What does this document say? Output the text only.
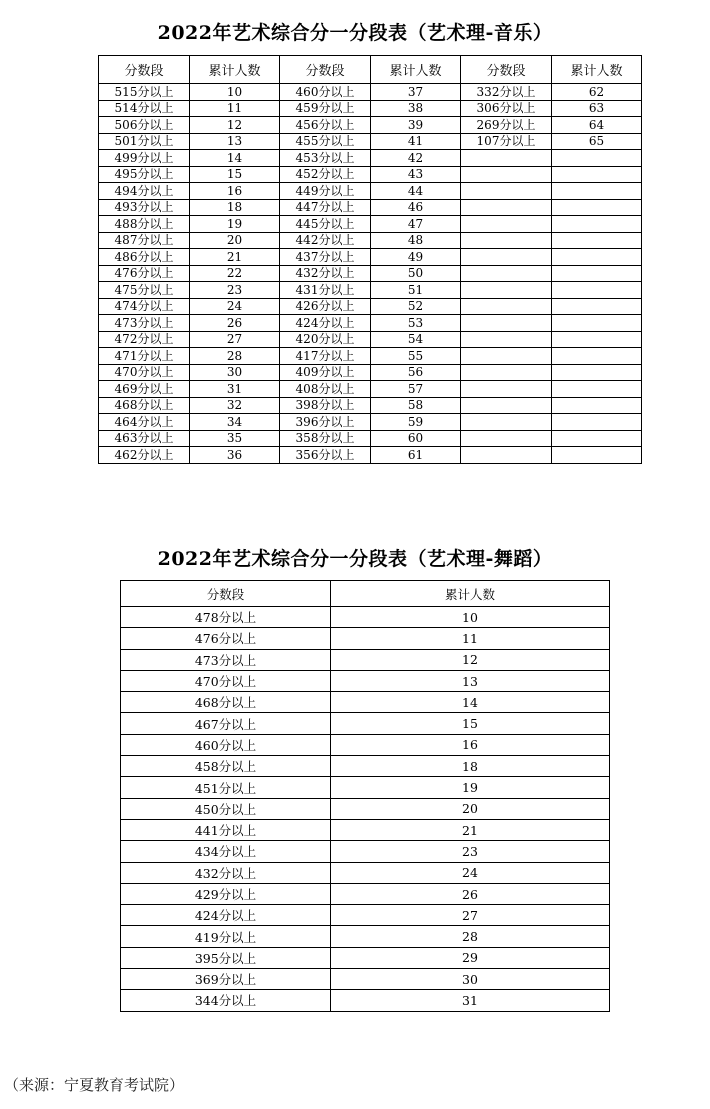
2022年艺术综合分一分段表（艺术理-音乐）
分数段	累计人数	分数段	累计人数	分数段	累计人数
515分以上	10	460分以上	37	332分以上	62
514分以上	11	459分以上	38	306分以上	63
506分以上	12	456分以上	39	269分以上	64
501分以上	13	455分以上	41	107分以上	65
499分以上	14	453分以上	42		
495分以上	15	452分以上	43		
494分以上	16	449分以上	44		
493分以上	18	447分以上	46		
488分以上	19	445分以上	47		
487分以上	20	442分以上	48		
486分以上	21	437分以上	49		
476分以上	22	432分以上	50		
475分以上	23	431分以上	51		
474分以上	24	426分以上	52		
473分以上	26	424分以上	53		
472分以上	27	420分以上	54		
471分以上	28	417分以上	55		
470分以上	30	409分以上	56		
469分以上	31	408分以上	57		
468分以上	32	398分以上	58		
464分以上	34	396分以上	59		
463分以上	35	358分以上	60		
462分以上	36	356分以上	61		
2022年艺术综合分一分段表（艺术理-舞蹈）
分数段	累计人数
478分以上	10
476分以上	11
473分以上	12
470分以上	13
468分以上	14
467分以上	15
460分以上	16
458分以上	18
451分以上	19
450分以上	20
441分以上	21
434分以上	23
432分以上	24
429分以上	26
424分以上	27
419分以上	28
395分以上	29
369分以上	30
344分以上	31
（来源：宁夏教育考试院）
